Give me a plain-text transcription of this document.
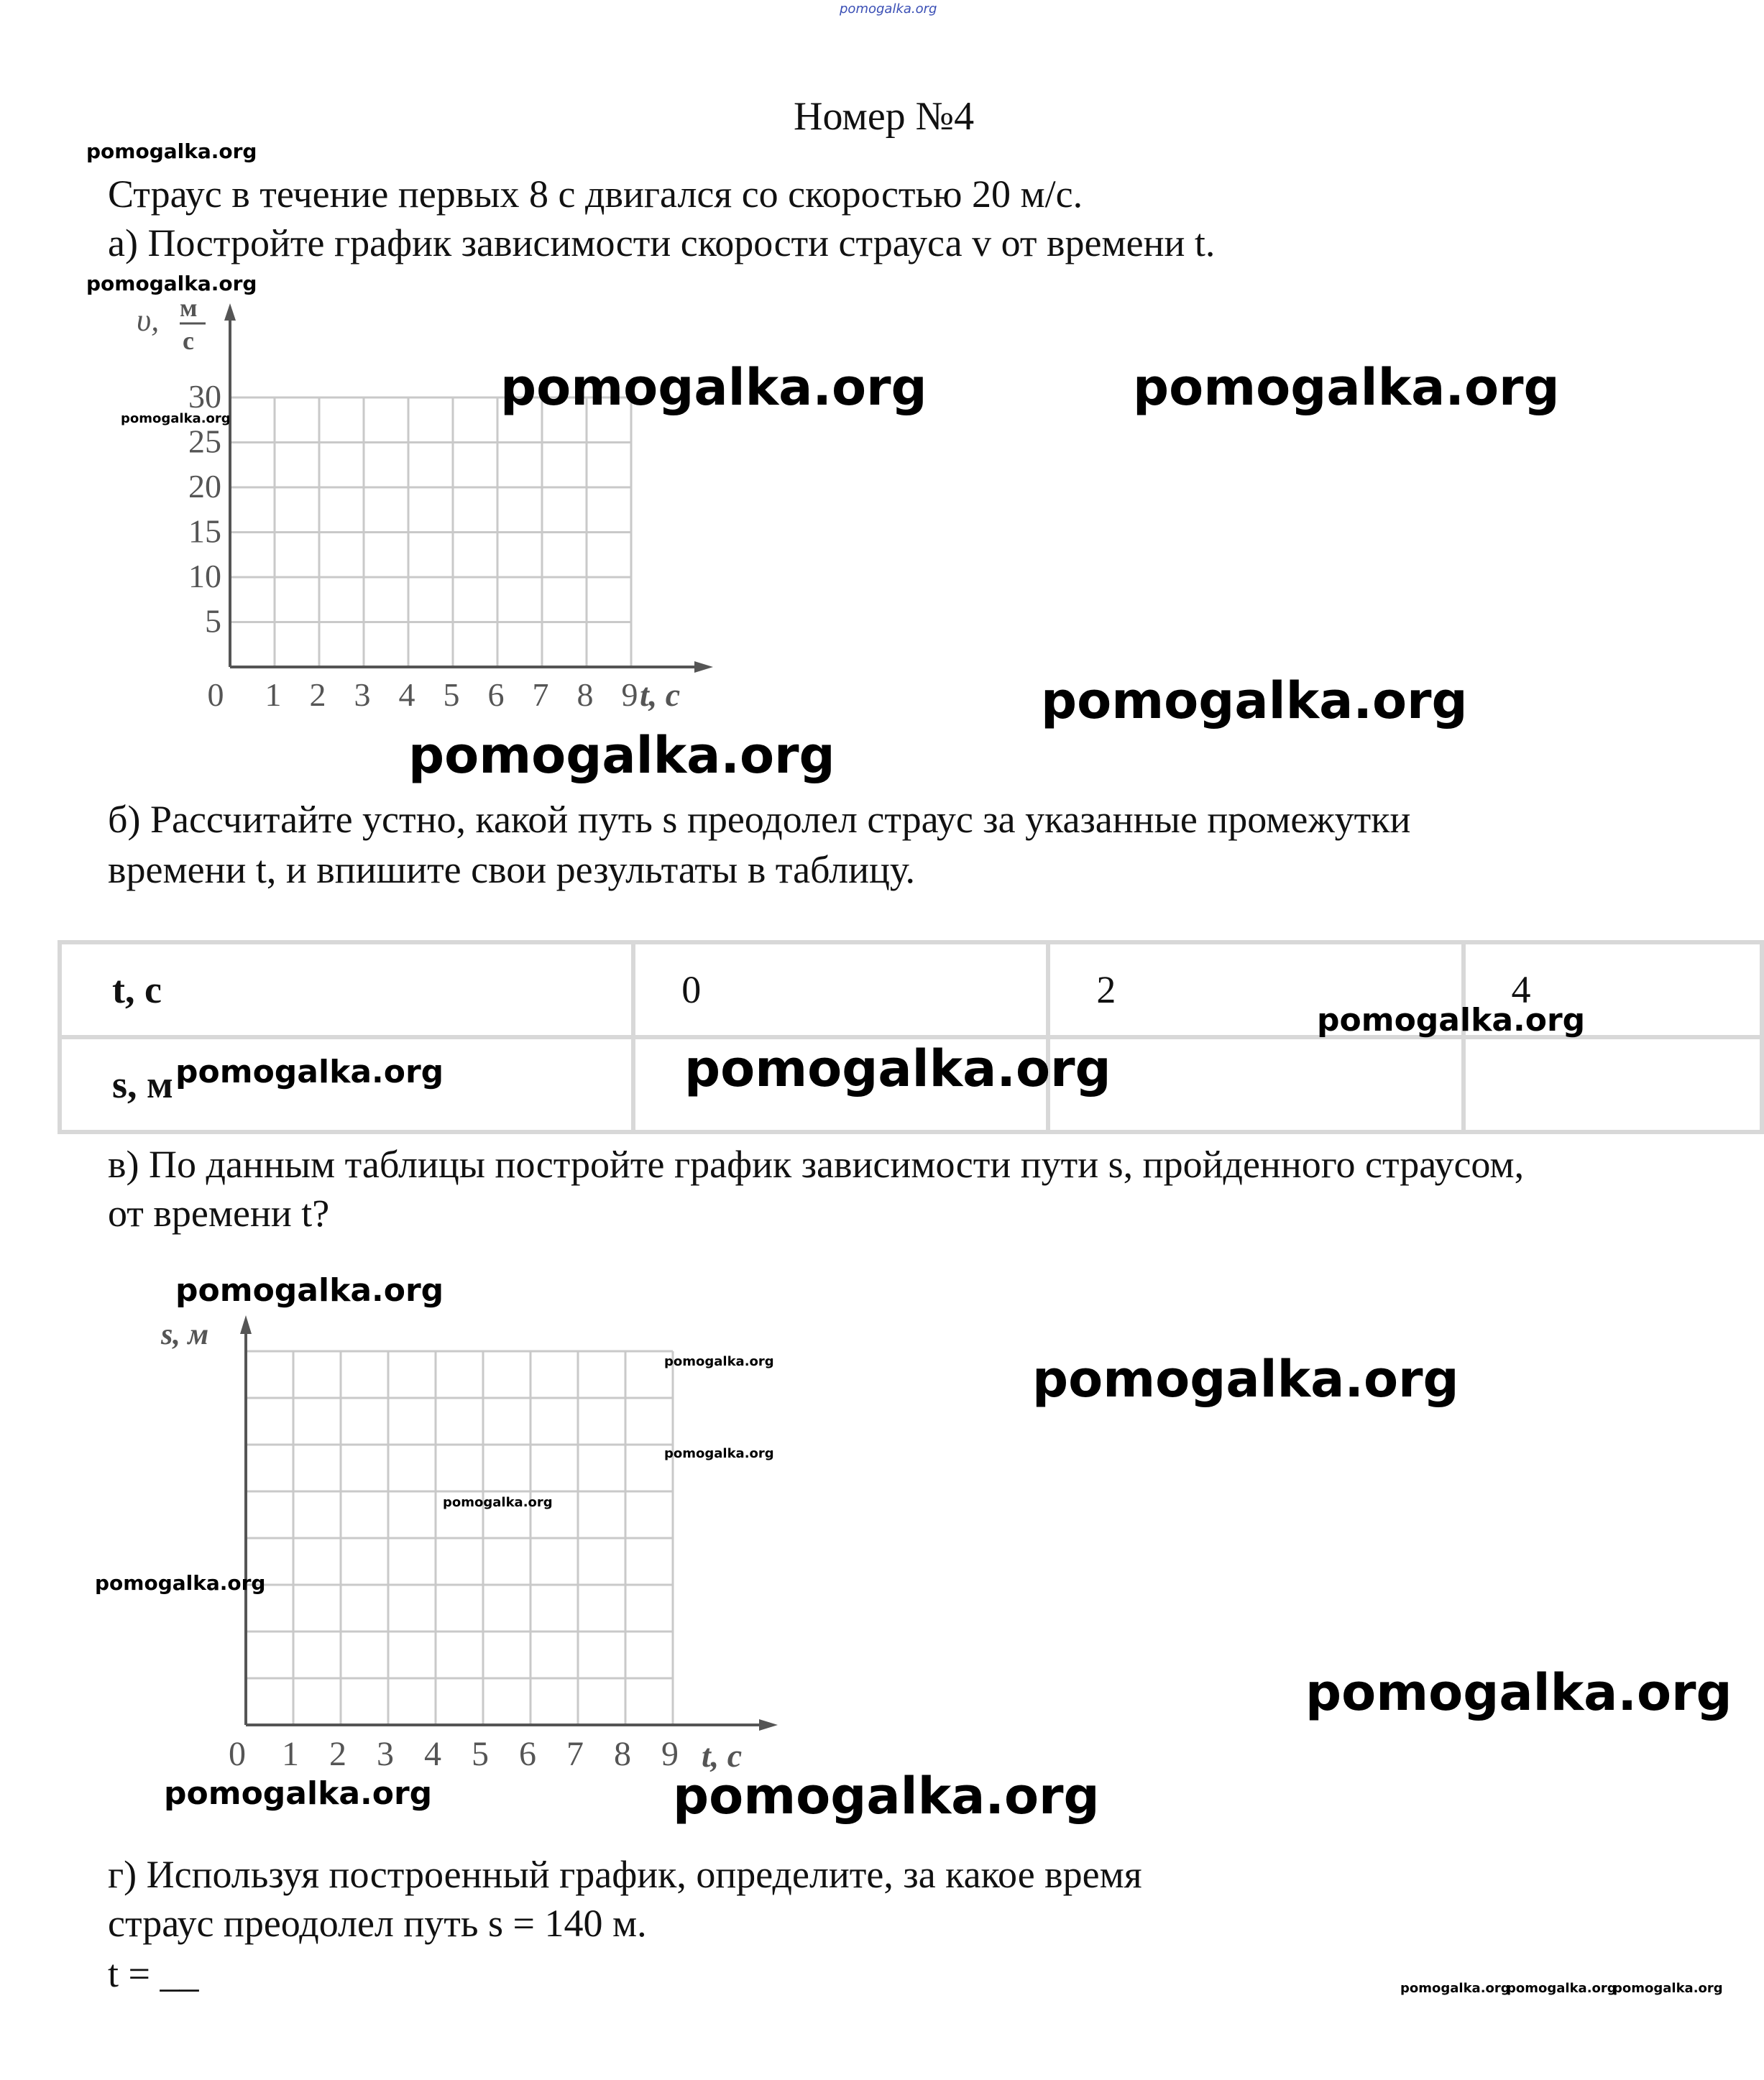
pomogalka.org
Номер №4
pomogalka.org
Страус в течение первых 8 с двигался со скоростью 20 м/с.
а) Постройте график зависимости скорости страуса v от времени t.
pomogalka.org
5
10
15
20
25
30
0 1 2 3 4 5 6 7 8 9
υ, м
с
t, c
pomogalka.org
pomogalka.org	pomogalka.org
pomogalka.org
pomogalka.org
б) Рассчитайте устно, какой путь s преодолел страус за указанные промежутки
времени t, и впишите свои результаты в таблицу.
t, c	0	2	4
s, м			
pomogalka.org
pomogalka.org	pomogalka.org
в) По данным таблицы постройте график зависимости пути s, пройденного страусом,
от времени t?
pomogalka.org
0 1 2 3 4 5 6 7 8 9
s, м
t, c
pomogalka.org
pomogalka.org
pomogalka.org
pomogalka.org
pomogalka.org
pomogalka.org
pomogalka.org	pomogalka.org
г) Используя построенный график, определите, за какое время
страус преодолел путь s = 140 м.
t = __	pomogalka.org
pomogalka.org
pomogalka.org
